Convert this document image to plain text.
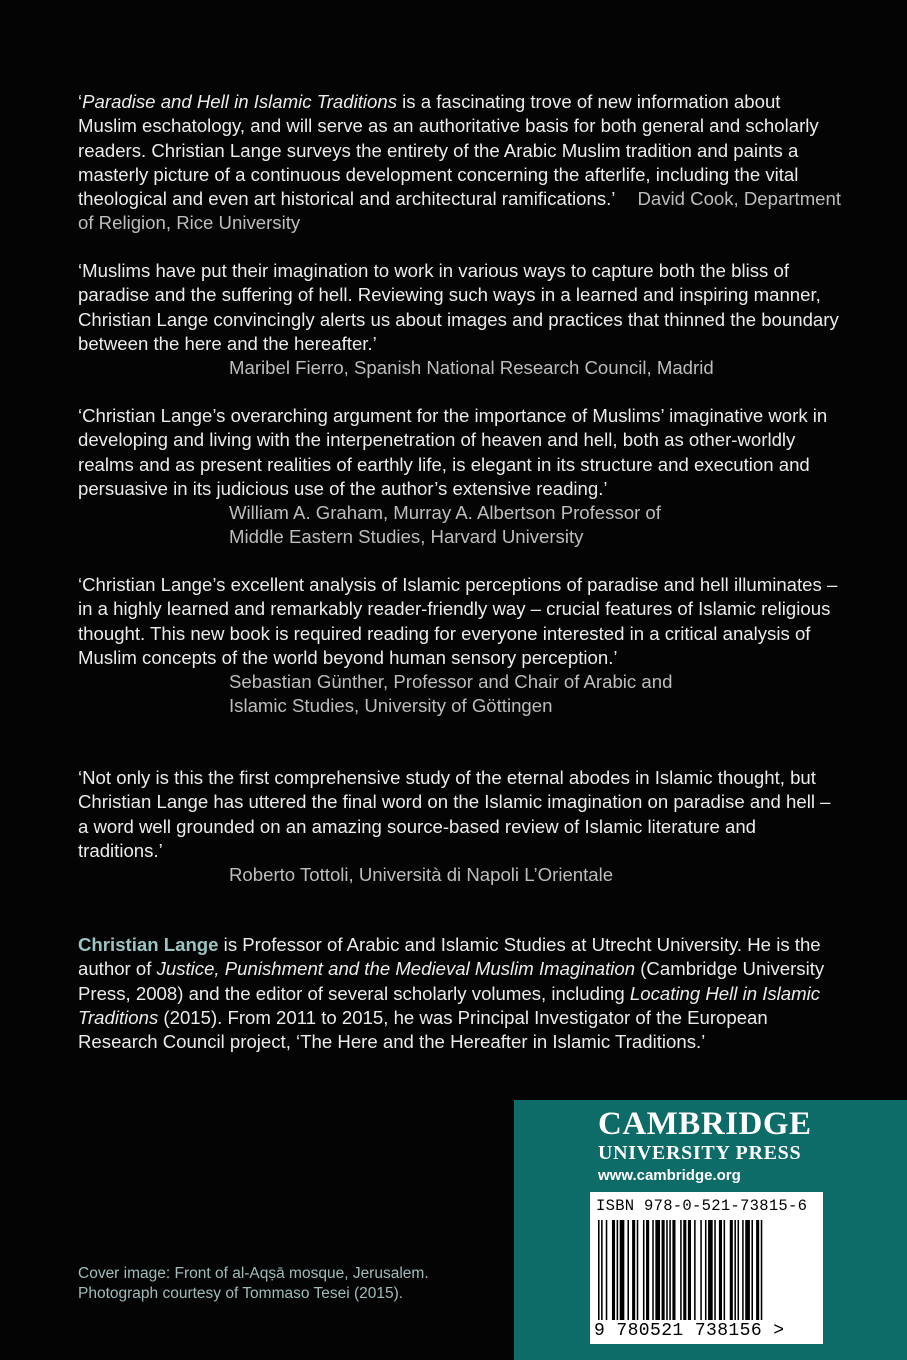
‘Paradise and Hell in Islamic Traditions is a fascinating trove of new information about Muslim eschatology, and will serve as an authoritative basis for both general and scholarly readers. Christian Lange surveys the entirety of the Arabic Muslim tradition and paints a masterly picture of a continuous development concerning the afterlife, including the vital theological and even art historical and architectural ramifications.’ David Cook, Department of Religion, Rice University

‘Muslims have put their imagination to work in various ways to capture both the bliss of paradise and the suffering of hell. Reviewing such ways in a learned and inspiring manner, Christian Lange convincingly alerts us about images and practices that thinned the boundary between the here and the hereafter.’

Maribel Fierro, Spanish National Research Council, Madrid

‘Christian Lange’s overarching argument for the importance of Muslims’ imaginative work in developing and living with the interpenetration of heaven and hell, both as other-worldly realms and as present realities of earthly life, is elegant in its structure and execution and persuasive in its judicious use of the author’s extensive reading.’

William A. Graham, Murray A. Albertson Professor of
Middle Eastern Studies, Harvard University

‘Christian Lange’s excellent analysis of Islamic perceptions of paradise and hell illuminates – in a highly learned and remarkably reader-friendly way – crucial features of Islamic religious thought. This new book is required reading for everyone interested in a critical analysis of Muslim concepts of the world beyond human sensory perception.’

Sebastian Günther, Professor and Chair of Arabic and
Islamic Studies, University of Göttingen

‘Not only is this the first comprehensive study of the eternal abodes in Islamic thought, but Christian Lange has uttered the final word on the Islamic imagination on paradise and hell – a word well grounded on an amazing source-based review of Islamic literature and traditions.’

Roberto Tottoli, Università di Napoli L’Orientale
Christian Lange is Professor of Arabic and Islamic Studies at Utrecht University. He is the author of Justice, Punishment and the Medieval Muslim Imagination (Cambridge University Press, 2008) and the editor of several scholarly volumes, including Locating Hell in Islamic Traditions (2015). From 2011 to 2015, he was Principal Investigator of the European Research Council project, ‘The Here and the Hereafter in Islamic Traditions.’
Cover image: Front of al-Aqṣā mosque, Jerusalem.
Photograph courtesy of Tommaso Tesei (2015).
CAMBRIDGE
UNIVERSITY PRESS
www.cambridge.org
ISBN 978-0-521-73815-6
9 780521 738156 >
